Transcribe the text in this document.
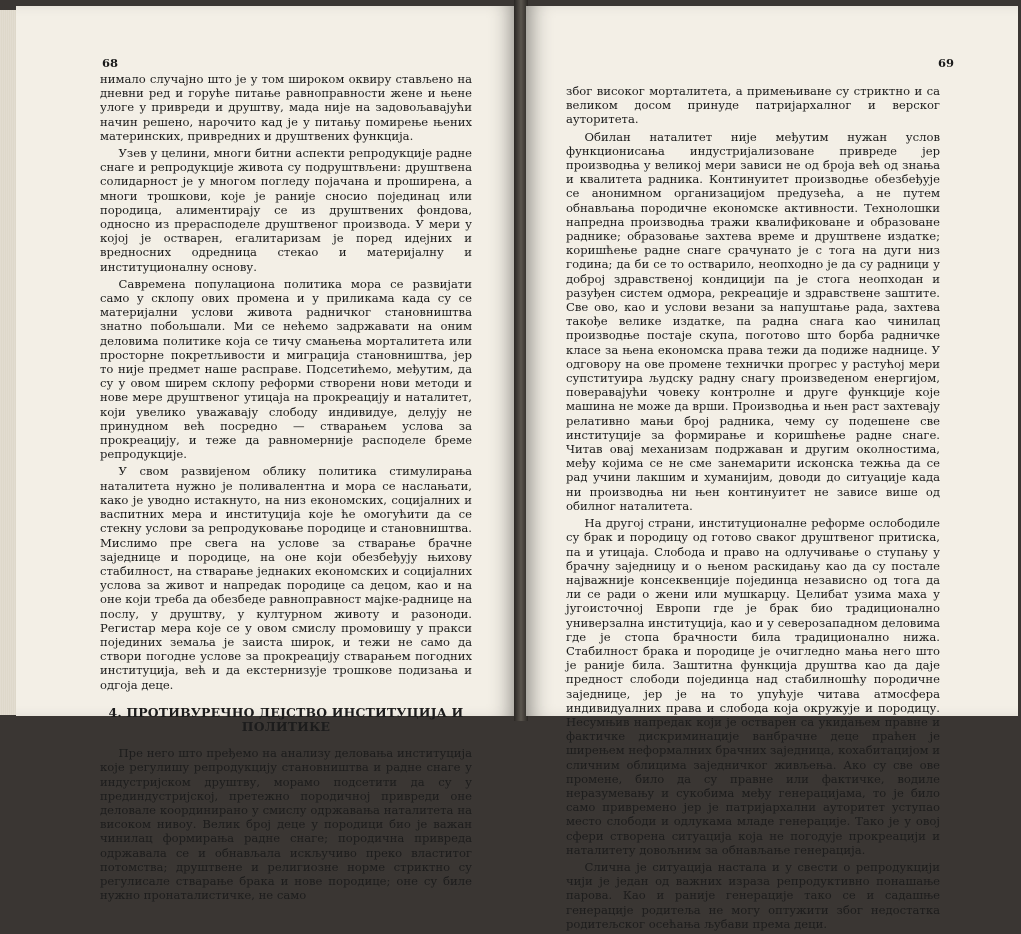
68

нимало случајно што је у том широком оквиру стављено на дневни ред и горуће питање равноправности жене и њене улоге у привреди и друштву, мада није на задовољавајући начин решено, нарочито кад је у питању помирење њених материнских, привредних и друштвених функција.

Узев у целини, многи битни аспекти репродукције радне снаге и репродукције живота су подруштвљени: друштвена солидарност је у многом погледу појачана и проширена, а многи трошкови, које је раније сносио појединац или породица, алиментирају се из друштвених фондова, односно из прерасподеле друштвеног производа. У мери у којој је остварен, егалитаризам је поред идејних и вредносних одредница стекао и материјалну и институционалну основу.

Савремена популациона политика мора се развијати само у склопу ових промена и у приликама када су се материјални услови живота радничког становништва знатно побољшали. Ми се нећемо задржавати на оним деловима политике која се тичу смањења морталитета или просторне покретљивости и миграција становништва, јер то није предмет наше расправе. Подсетићемо, међутим, да су у овом ширем склопу реформи створени нови методи и нове мере друштвеног утицаја на прокреацију и наталитет, који увелико уважавају слободу индивидуе, делују не принудном већ посредно — стварањем услова за прокреацију, и теже да равномерније расподеле бреме репродукције.

У свом развијеном облику политика стимулирања наталитета нужно је поливалентна и мора се наслањати, како је уводно истакнуто, на низ економских, социјалних и васпитних мера и институција које ће омогућити да се стекну услови за репродуковање породице и становништва. Мислимо пре свега на услове за стварање брачне заједнице и породице, на оне који обезбеђују њихову стабилност, на стварање једнаких економских и социјалних услова за живот и напредак породице са децом, као и на оне који треба да обезбеде равноправност мајке-раднице на послу, у друштву, у културном животу и разоноди. Регистар мера које се у овом смислу промовишу у пракси појединих земаља је заиста широк, и тежи не само да створи погодне услове за прокреацију стварањем погодних институција, већ и да екстернизује трошкове подизања и одгоја деце.

4. ПРОТИВУРЕЧНО ДЕЈСТВО ИНСТИТУЦИЈА И ПОЛИТИКЕ

Пре него што пређемо на анализу деловања институција које регулишу репродукцију становништва и радне снаге у индустријском друштву, морамо подсетити да су у прединдустријској, претежно породичној привреди оне деловале координирано у смислу одржавања наталитета на високом нивоу. Велик број деце у породици био је важан чинилац формирања радне снаге; породична привреда одржавала се и обнављала искључиво преко властитог потомства; друштвене и религиозне норме стриктно су регулисале стварање брака и нове породице; оне су биле нужно пронаталистичке, не само

69

због високог морталитета, а примењиване су стриктно и са великом досом принуде патријархалног и верског ауторитета.

Обилан наталитет није међутим нужан услов функционисања индустријализоване привреде јер производња у великој мери зависи не од броја већ од знања и квалитета радника. Континуитет производње обезбеђује се анонимном организацијом предузећа, а не путем обнављања породичне економске активности. Технолошки напредна производња тражи квалификоване и образоване раднике; образовање захтева време и друштвене издатке; коришћење радне снаге срачунато је с тога на дуги низ година; да би се то остварило, неопходно је да су радници у доброј здравственој кондицији па је стога неопходан и разуђен систем одмора, рекреације и здравствене заштите. Све ово, као и услови везани за напуштање рада, захтева такође велике издатке, па радна снага као чинилац производње постаје скупа, поготово што борба радничке класе за њена економска права тежи да подиже наднице. У одговору на ове промене технички прогрес у растућој мери супституира људску радну снагу произведеном енергијом, поверавајући човеку контролне и друге функције које машина не може да врши. Производња и њен раст захтевају релативно мањи број радника, чему су подешене све институције за формирање и коришћење радне снаге. Читав овај механизам подржаван и другим околностима, међу којима се не сме занемарити исконска тежња да се рад учини лакшим и хуманијим, доводи до ситуације када ни производња ни њен континуитет не зависе више од обилног наталитета.

На другој страни, институционалне реформе ослободиле су брак и породицу од готово сваког друштвеног притиска, па и утицаја. Слобода и право на одлучивање о ступању у брачну заједницу и о њеном раскидању као да су постале најважније консеквенције појединца независно од тога да ли се ради о жени или мушкарцу. Целибат узима маха у југоисточној Европи где је брак био традиционално универзална институција, као и у северозападном деловима где је стопа брачности била традиционално нижа. Стабилност брака и породице је очигледно мања него што је раније била. Заштитна функција друштва као да даје предност слободи појединца над стабилношћу породичне заједнице, јер је на то упућује читава атмосфера индивидуалних права и слобода која окружује и породицу. Несумњив напредак који је остварен са укидањем правне и фактичке дискриминације ванбрачне деце праћен је ширењем неформалних брачних заједница, кохабитацијом и сличним облицима заједничког живљења. Ако су све ове промене, било да су правне или фактичке, водиле неразумевању и сукобима међу генерацијама, то је било само привремено јер је патријархални ауторитет уступао место слободи и одлукама младе генерације. Тако је у овој сфери створена ситуација која не погодује прокреацији и наталитету довољним за обнављање генерација.

Слична је ситуација настала и у свести о репродукцији чији је један од важних израза репродуктивно понашање парова. Као и раније генерације тако се и садашње генерације родитеља не могу оптужити због недостатка родитељског осећања љубави према деци.
